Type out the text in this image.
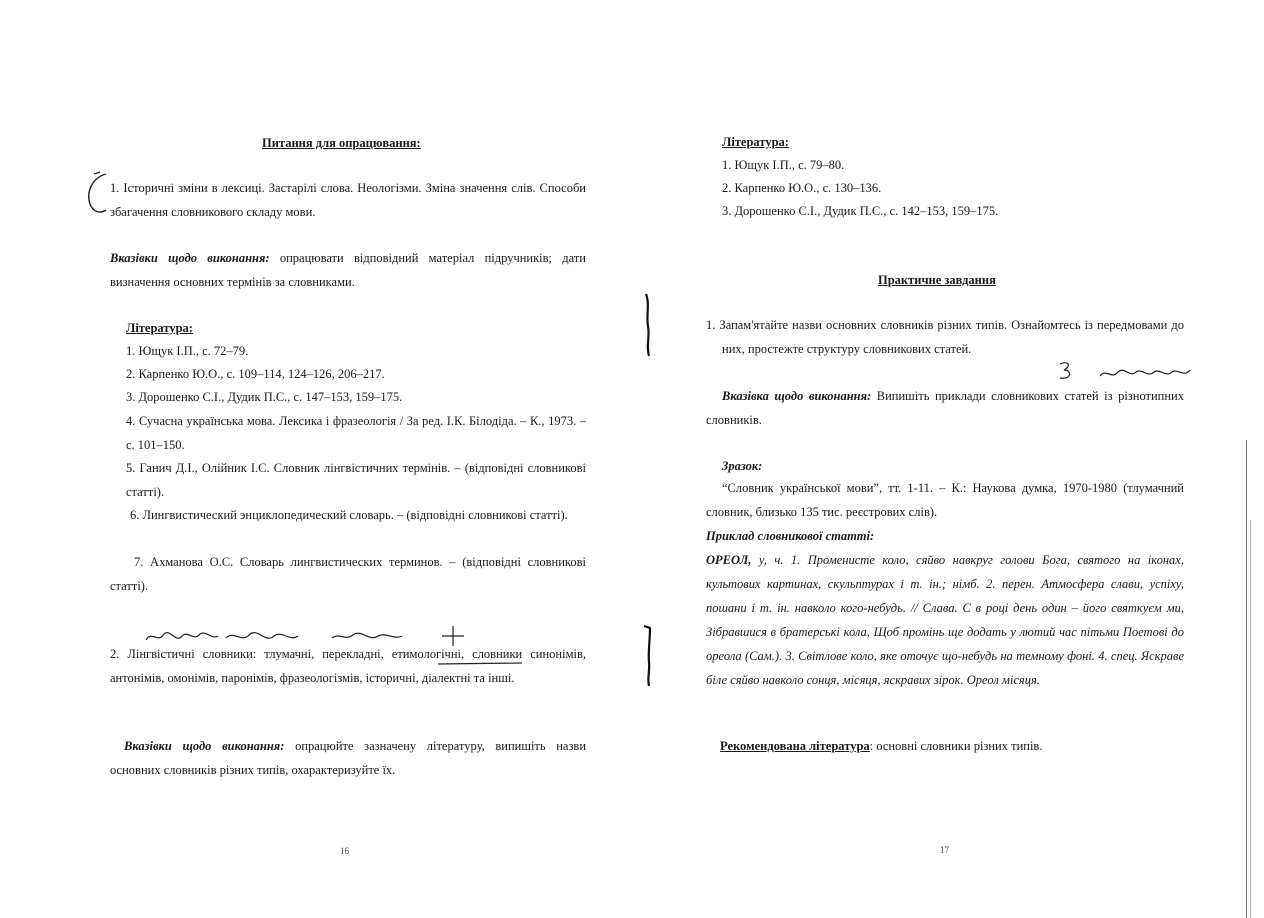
Питання для опрацювання:
1. Історичні зміни в лексиці. Застарілі слова. Неологізми. Зміна значення слів. Способи збагачення словникового складу мови.
Вказівки щодо виконання: опрацювати відповідний матеріал підручників; дати визначення основних термінів за словниками.
Література:
1. Ющук І.П., с. 72–79.
2. Карпенко Ю.О., с. 109–114, 124–126, 206–217.
3. Дорошенко С.І., Дудик П.С., с. 147–153, 159–175.
4. Сучасна українська мова. Лексика і фразеологія / За ред. І.К. Білодіда. – К., 1973. – с. 101–150.
5. Ганич Д.І., Олійник І.С. Словник лінгвістичних термінів. – (відповідні словникові статті).
6. Лингвистический энциклопедический словарь. – (відповідні словникові статті).
7. Ахманова О.С. Словарь лингвистических терминов. – (відповідні словникові статті).
2. Лінгвістичні словники: тлумачні, перекладні, етимологічні, словники синонімів, антонімів, омонімів, паронімів, фразеологізмів, історичні, діалектні та інші.
Вказівки щодо виконання: опрацюйте зазначену літературу, випишіть назви основних словників різних типів, охарактеризуйте їх.
16
Література:
1. Ющук І.П., с. 79–80.
2. Карпенко Ю.О., с. 130–136.
3. Дорошенко С.І., Дудик П.С., с. 142–153, 159–175.
Практичне завдання
1. Запам'ятайте назви основних словників різних типів. Ознайомтесь із передмовами до них, простежте структуру словникових статей.
Вказівка щодо виконання: Випишіть приклади словникових статей із різнотипних словників.
Зразок:
“Словник української мови”, тт. 1-11. – К.: Наукова думка, 1970-1980 (тлумачний словник, близько 135 тис. реєстрових слів).
Приклад словникової статті:
ОРЕОЛ, у, ч. 1. Променисте коло, сяйво навкруг голови Бога, святого на іконах, культових картинах, скульптурах і т. ін.; німб. 2. перен. Атмосфера слави, успіху, пошани і т. ін. навколо кого-небудь. // Слава. С в році день один – його святкуєм ми, Зібравшися в братерські кола, Щоб промінь ще додать у лютий час пітьми Поетові до ореола (Сам.). 3. Світлове коло, яке оточує що-небудь на темному фоні. 4. спец. Яскраве біле сяйво навколо сонця, місяця, яскравих зірок. Ореол місяця.
Рекомендована література: основні словники різних типів.
17
